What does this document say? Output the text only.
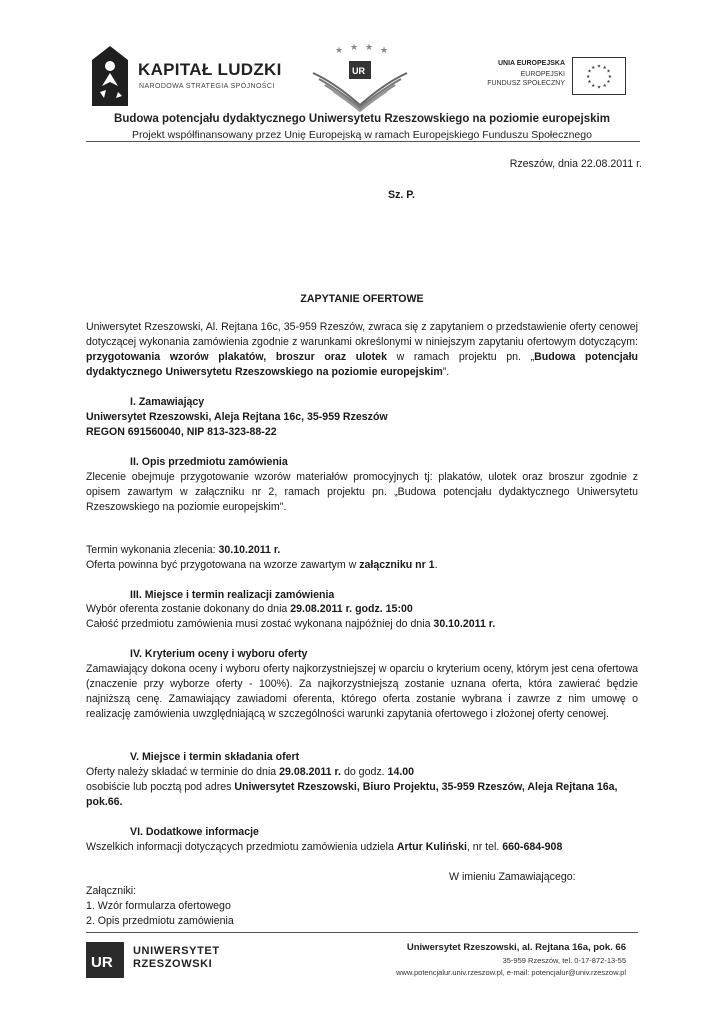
KAPITAŁ LUDZKI
NARODOWA STRATEGIA SPÓJNOŚCI
★ ★ ★ ★
UR
UNIA EUROPEJSKA
EUROPEJSKI
FUNDUSZ SPOŁECZNY
★ ★
★
★
★
★
★
★
★
★
★
★
Budowa potencjału dydaktycznego Uniwersytetu Rzeszowskiego na poziomie europejskim
Projekt współfinansowany przez Unię Europejską w ramach Europejskiego Funduszu Społecznego
Rzeszów, dnia 22.08.2011 r.
Sz. P.
ZAPYTANIE OFERTOWE
Uniwersytet Rzeszowski, Al. Rejtana 16c, 35-959 Rzeszów, zwraca się z zapytaniem o przedstawienie oferty cenowej dotyczącej wykonania zamówienia zgodnie z warunkami określonymi w niniejszym zapytaniu ofertowym dotyczącym: przygotowania wzorów plakatów, broszur oraz ulotek w ramach projektu pn. „Budowa potencjału dydaktycznego Uniwersytetu Rzeszowskiego na poziomie europejskim”.
I. Zamawiający
Uniwersytet Rzeszowski, Aleja Rejtana 16c, 35-959 Rzeszów
REGON 691560040, NIP 813-323-88-22
II. Opis przedmiotu zamówienia
Zlecenie obejmuje przygotowanie wzorów materiałów promocyjnych tj: plakatów, ulotek oraz broszur zgodnie z opisem zawartym w załączniku nr 2, ramach projektu pn. „Budowa potencjału dydaktycznego Uniwersytetu Rzeszowskiego na poziomie europejskim".
Termin wykonania zlecenia: 30.10.2011 r.
Oferta powinna być przygotowana na wzorze zawartym w załączniku nr 1.
III. Miejsce i termin realizacji zamówienia
Wybór oferenta zostanie dokonany do dnia 29.08.2011 r. godz. 15:00
Całość przedmiotu zamówienia musi zostać wykonana najpóźniej do dnia 30.10.2011 r.
IV. Kryterium oceny i wyboru oferty
Zamawiający dokona oceny i wyboru oferty najkorzystniejszej w oparciu o kryterium oceny, którym jest cena ofertowa (znaczenie przy wyborze oferty - 100%). Za najkorzystniejszą zostanie uznana oferta, która zawierać będzie najniższą cenę. Zamawiający zawiadomi oferenta, którego oferta zostanie wybrana i zawrze z nim umowę o realizację zamówienia uwzględniającą w szczególności warunki zapytania ofertowego i złożonej oferty cenowej.
V. Miejsce i termin składania ofert
Oferty należy składać w terminie do dnia 29.08.2011 r. do godz. 14.00
osobiście lub pocztą pod adres Uniwersytet Rzeszowski, Biuro Projektu, 35-959 Rzeszów, Aleja Rejtana 16a,
pok.66.
VI. Dodatkowe informacje
Wszelkich informacji dotyczących przedmiotu zamówienia udziela Artur Kuliński, nr tel. 660-684-908
W imieniu Zamawiającego:
Załączniki:
1. Wzór formularza ofertowego
2. Opis przedmiotu zamówienia
UR
UNIWERSYTET
RZESZOWSKI
Uniwersytet Rzeszowski, al. Rejtana 16a, pok. 66
35-959 Rzeszów, tel. 0-17-872-13-55
www.potencjalur.univ.rzeszow.pl, e-mail: potencjalur@univ.rzeszow.pl
